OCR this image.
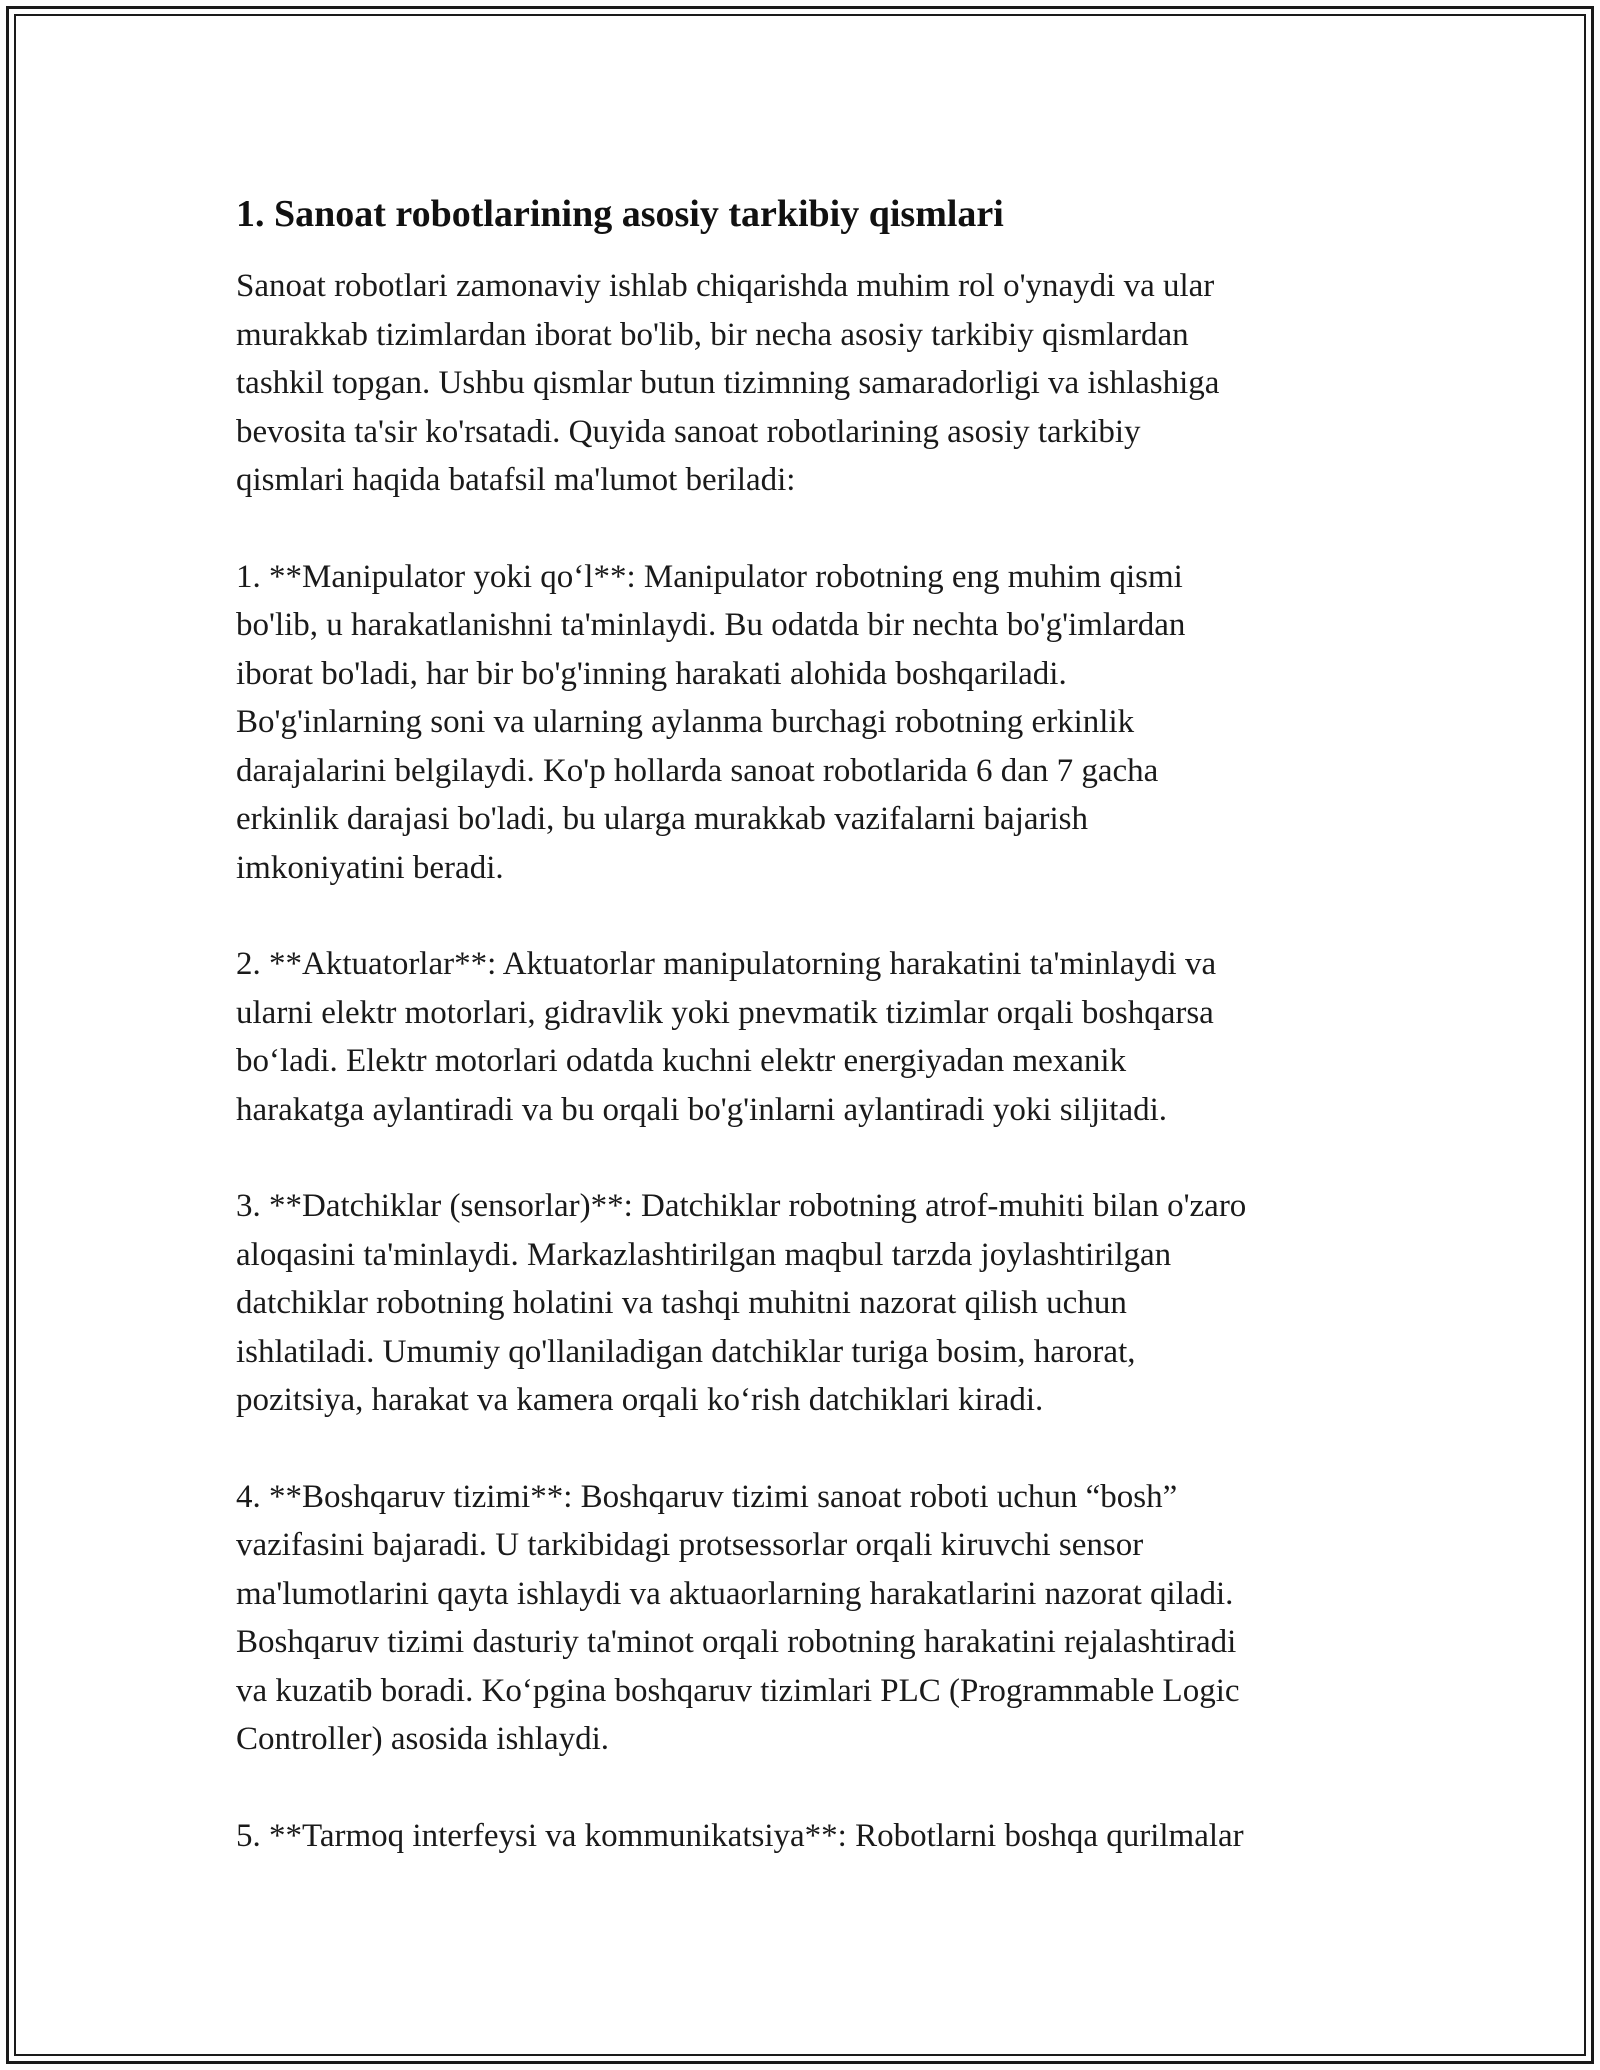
1. Sanoat robotlarining asosiy tarkibiy qismlari

Sanoat robotlari zamonaviy ishlab chiqarishda muhim rol o'ynaydi va ular
murakkab tizimlardan iborat bo'lib, bir necha asosiy tarkibiy qismlardan
tashkil topgan. Ushbu qismlar butun tizimning samaradorligi va ishlashiga
bevosita ta'sir ko'rsatadi. Quyida sanoat robotlarining asosiy tarkibiy
qismlari haqida batafsil ma'lumot beriladi:

1. **Manipulator yoki qo‘l**: Manipulator robotning eng muhim qismi
bo'lib, u harakatlanishni ta'minlaydi. Bu odatda bir nechta bo'g'imlardan
iborat bo'ladi, har bir bo'g'inning harakati alohida boshqariladi.
Bo'g'inlarning soni va ularning aylanma burchagi robotning erkinlik
darajalarini belgilaydi. Ko'p hollarda sanoat robotlarida 6 dan 7 gacha
erkinlik darajasi bo'ladi, bu ularga murakkab vazifalarni bajarish
imkoniyatini beradi.

2. **Aktuatorlar**: Aktuatorlar manipulatorning harakatini ta'minlaydi va
ularni elektr motorlari, gidravlik yoki pnevmatik tizimlar orqali boshqarsa
bo‘ladi. Elektr motorlari odatda kuchni elektr energiyadan mexanik
harakatga aylantiradi va bu orqali bo'g'inlarni aylantiradi yoki siljitadi.

3. **Datchiklar (sensorlar)**: Datchiklar robotning atrof-muhiti bilan o'zaro
aloqasini ta'minlaydi. Markazlashtirilgan maqbul tarzda joylashtirilgan
datchiklar robotning holatini va tashqi muhitni nazorat qilish uchun
ishlatiladi. Umumiy qo'llaniladigan datchiklar turiga bosim, harorat,
pozitsiya, harakat va kamera orqali ko‘rish datchiklari kiradi.

4. **Boshqaruv tizimi**: Boshqaruv tizimi sanoat roboti uchun “bosh”
vazifasini bajaradi. U tarkibidagi protsessorlar orqali kiruvchi sensor
ma'lumotlarini qayta ishlaydi va aktuaorlarning harakatlarini nazorat qiladi.
Boshqaruv tizimi dasturiy ta'minot orqali robotning harakatini rejalashtiradi
va kuzatib boradi. Ko‘pgina boshqaruv tizimlari PLC (Programmable Logic
Controller) asosida ishlaydi.

5. **Tarmoq interfeysi va kommunikatsiya**: Robotlarni boshqa qurilmalar
